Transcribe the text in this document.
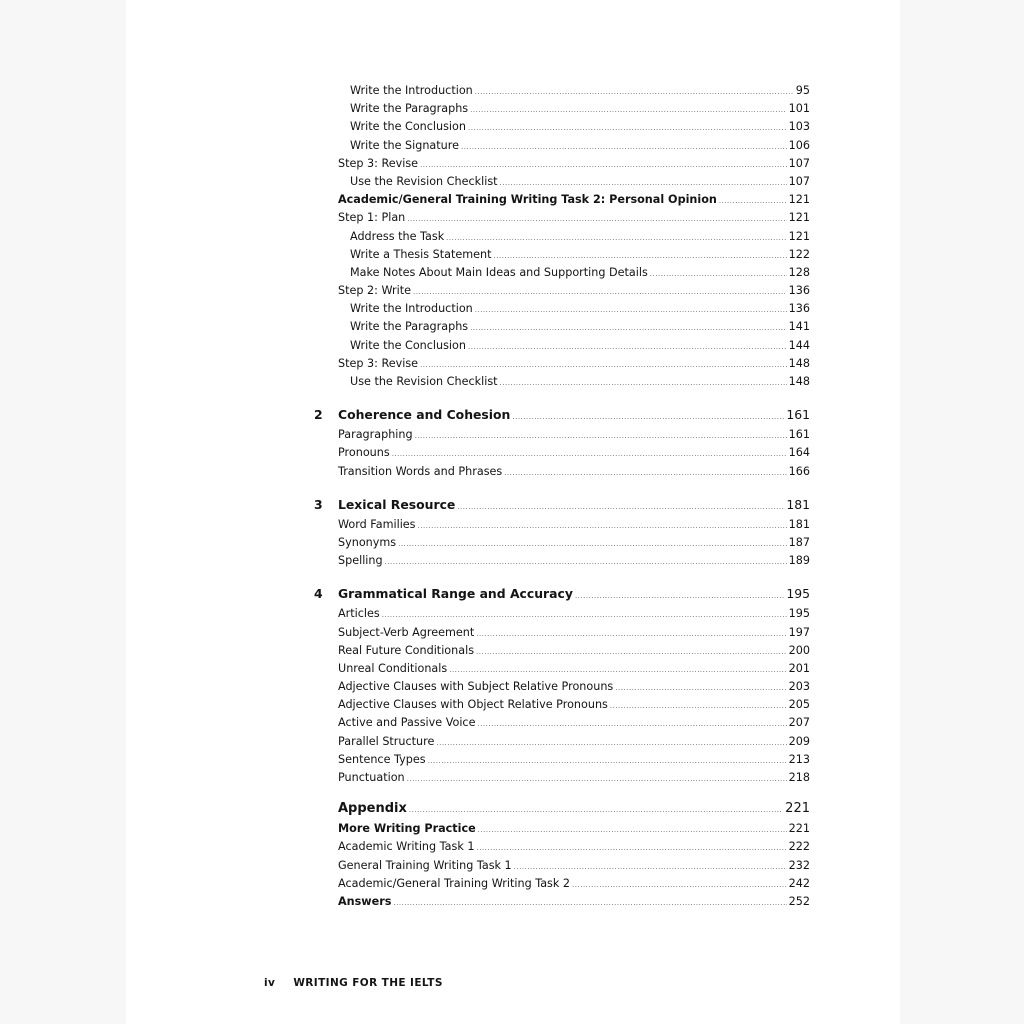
Write the Introduction .....	95
Write the Paragraphs .....	101
Write the Conclusion .....	103
Write the Signature .....	106
Step 3: Revise .....	107
Use the Revision Checklist .....	107
Academic/General Training Writing Task 2: Personal Opinion .....	121
Step 1: Plan .....	121
Address the Task .....	121
Write a Thesis Statement .....	122
Make Notes About Main Ideas and Supporting Details .....	128
Step 2: Write .....	136
Write the Introduction .....	136
Write the Paragraphs .....	141
Write the Conclusion .....	144
Step 3: Revise .....	148
Use the Revision Checklist .....	148
2 Coherence and Cohesion .....	161
Paragraphing .....	161
Pronouns .....	164
Transition Words and Phrases .....	166
3 Lexical Resource .....	181
Word Families .....	181
Synonyms .....	187
Spelling .....	189
4 Grammatical Range and Accuracy .....	195
Articles .....	195
Subject-Verb Agreement .....	197
Real Future Conditionals .....	200
Unreal Conditionals .....	201
Adjective Clauses with Subject Relative Pronouns .....	203
Adjective Clauses with Object Relative Pronouns .....	205
Active and Passive Voice .....	207
Parallel Structure .....	209
Sentence Types .....	213
Punctuation .....	218
Appendix .....	221
More Writing Practice .....	221
Academic Writing Task 1 .....	222
General Training Writing Task 1 .....	232
Academic/General Training Writing Task 2 .....	242
Answers .....	252
iv WRITING FOR THE IELTS
